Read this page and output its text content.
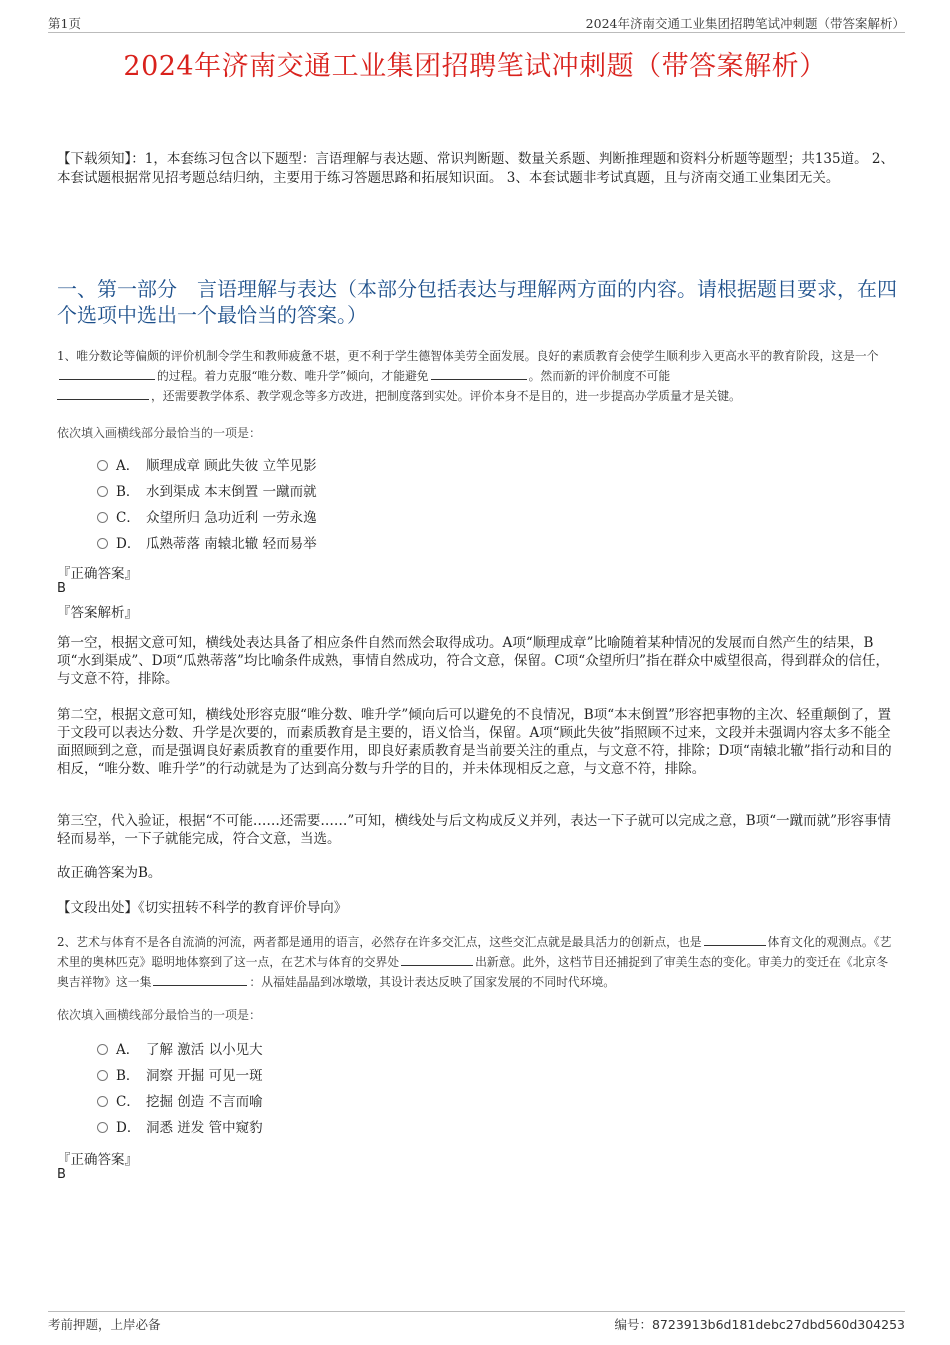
第1页	2024年济南交通工业集团招聘笔试冲刺题（带答案解析）
2024年济南交通工业集团招聘笔试冲刺题（带答案解析）
【下载须知】：1，本套练习包含以下题型：言语理解与表达题、常识判断题、数量关系题、判断推理题和资料分析题等题型；共135道。 2、本套试题根据常见招考题总结归纳，主要用于练习答题思路和拓展知识面。 3、本套试题非考试真题，且与济南交通工业集团无关。
一、第一部分　言语理解与表达（本部分包括表达与理解两方面的内容。请根据题目要求，在四个选项中选出一个最恰当的答案。）
1、唯分数论等偏颇的评价机制令学生和教师疲惫不堪，更不利于学生德智体美劳全面发展。良好的素质教育会使学生顺利步入更高水平的教育阶段，这是一个的过程。着力克服“唯分数、唯升学”倾向，才能避免	。然而新的评价制度不可能
，还需要教学体系、教学观念等多方改进，把制度落到实处。评价本身不是目的，进一步提高办学质量才是关键。
依次填入画横线部分最恰当的一项是：
A． 顺理成章 顾此失彼 立竿见影
B． 水到渠成 本末倒置 一蹴而就
C． 众望所归 急功近利 一劳永逸
D． 瓜熟蒂落 南辕北辙 轻而易举
『正确答案』
B
『答案解析』
第一空，根据文意可知，横线处表达具备了相应条件自然而然会取得成功。A项“顺理成章”比喻随着某种情况的发展而自然产生的结果，B项“水到渠成”、D项“瓜熟蒂落”均比喻条件成熟，事情自然成功，符合文意，保留。C项“众望所归”指在群众中威望很高，得到群众的信任，与文意不符，排除。
第二空，根据文意可知，横线处形容克服“唯分数、唯升学”倾向后可以避免的不良情况，B项“本末倒置”形容把事物的主次、轻重颠倒了，置于文段可以表达分数、升学是次要的，而素质教育是主要的，语义恰当，保留。A项“顾此失彼”指照顾不过来，文段并未强调内容太多不能全面照顾到之意，而是强调良好素质教育的重要作用，即良好素质教育是当前要关注的重点，与文意不符，排除；D项“南辕北辙”指行动和目的相反，“唯分数、唯升学”的行动就是为了达到高分数与升学的目的，并未体现相反之意，与文意不符，排除。
第三空，代入验证，根据“不可能……还需要……”可知，横线处与后文构成反义并列，表达一下子就可以完成之意，B项“一蹴而就”形容事情轻而易举，一下子就能完成，符合文意，当选。
故正确答案为B。
【文段出处】《切实扭转不科学的教育评价导向》
2、艺术与体育不是各自流淌的河流，两者都是通用的语言，必然存在许多交汇点，这些交汇点就是最具活力的创新点，也是	体育文化的观测点。《艺术里的奥林匹克》聪明地体察到了这一点，在艺术与体育的交界处	出新意。此外，这档节目还捕捉到了审美生态的变化。审美力的变迁在《北京冬奥吉祥物》这一集	：从福娃晶晶到冰墩墩，其设计表达反映了国家发展的不同时代环境。
依次填入画横线部分最恰当的一项是：
A． 了解 激活 以小见大
B． 洞察 开掘 可见一斑
C． 挖掘 创造 不言而喻
D． 洞悉 迸发 管中窥豹
『正确答案』
B
考前押题，上岸必备	编号：8723913b6d181debc27dbd560d304253
